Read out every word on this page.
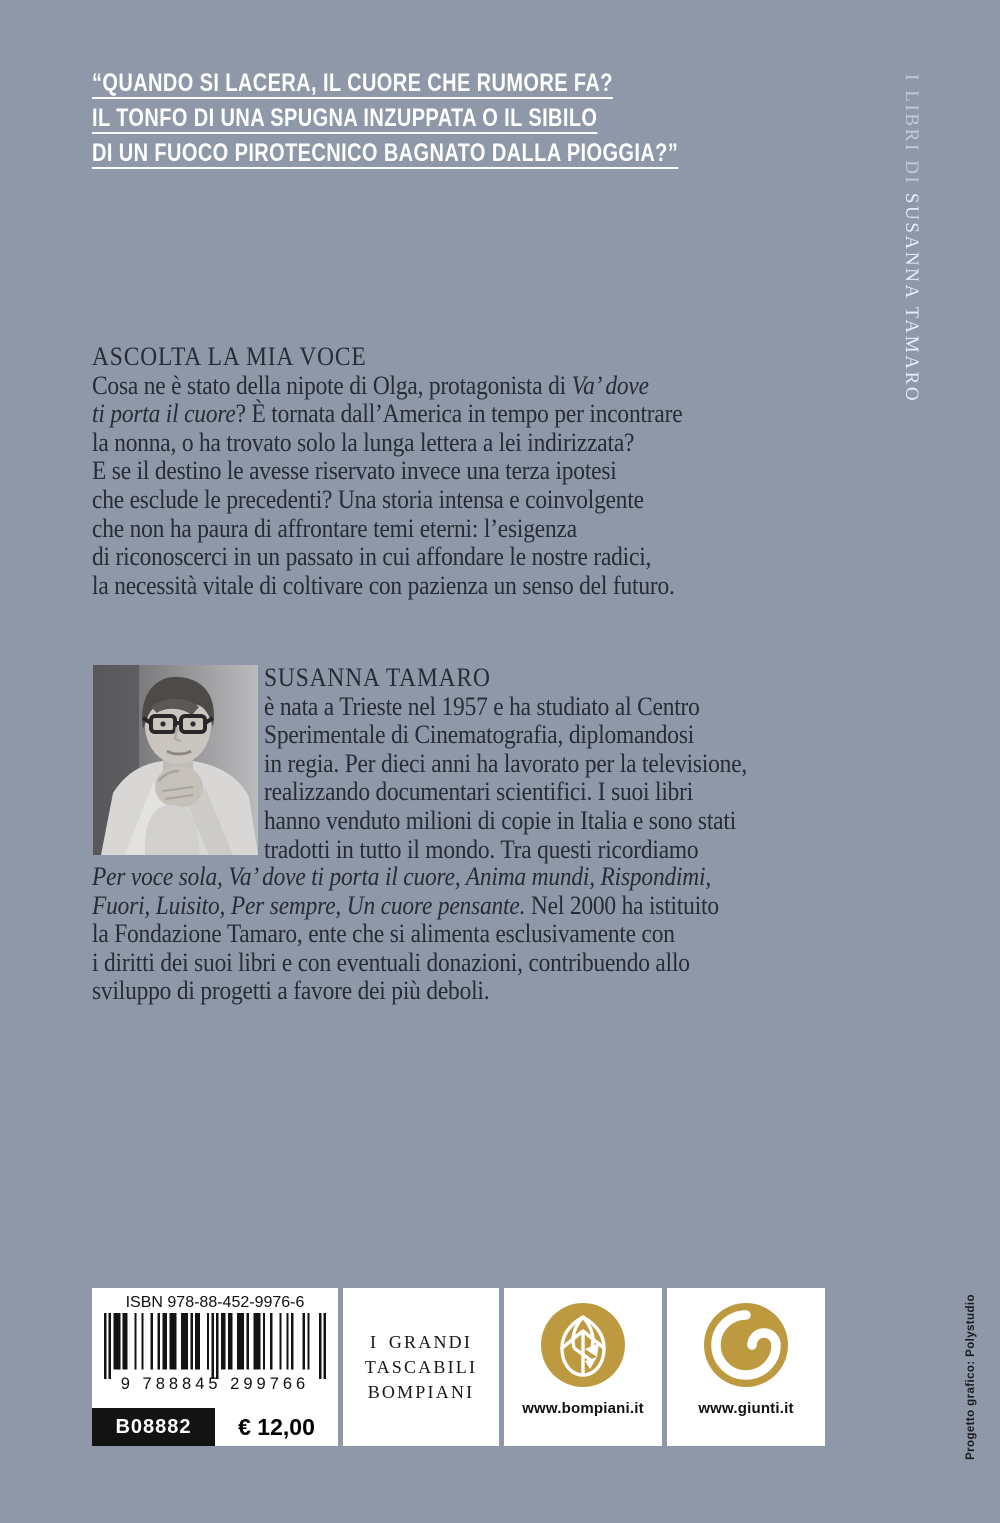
“QUANDO SI LACERA, IL CUORE CHE RUMORE FA?
IL TONFO DI UNA SPUGNA INZUPPATA O IL SIBILO
DI UN FUOCO PIROTECNICO BAGNATO DALLA PIOGGIA?”	I LIBRI DI SUSANNA TAMARO
ASCOLTA LA MIA VOCE
Cosa ne è stato della nipote di Olga, protagonista di Va’ dove
ti porta il cuore? È tornata dall’America in tempo per incontrare
la nonna, o ha trovato solo la lunga lettera a lei indirizzata?
E se il destino le avesse riservato invece una terza ipotesi
che esclude le precedenti? Una storia intensa e coinvolgente
che non ha paura di affrontare temi eterni: l’esigenza
di riconoscerci in un passato in cui affondare le nostre radici,
la necessità vitale di coltivare con pazienza un senso del futuro.
SUSANNA TAMARO
è nata a Trieste nel 1957 e ha studiato al Centro
Sperimentale di Cinematografia, diplomandosi
in regia. Per dieci anni ha lavorato per la televisione,
realizzando documentari scientifici. I suoi libri
hanno venduto milioni di copie in Italia e sono stati
tradotti in tutto il mondo. Tra questi ricordiamo
Per voce sola, Va’ dove ti porta il cuore, Anima mundi, Rispondimi,
Fuori, Luisito, Per sempre, Un cuore pensante. Nel 2000 ha istituito
la Fondazione Tamaro, ente che si alimenta esclusivamente con
i diritti dei suoi libri e con eventuali donazioni, contribuendo allo
sviluppo di progetti a favore dei più deboli.
ISBN 978-88-452-9976-6
9 788845 299766
B08882	€ 12,00
I GRANDI
TASCABILI
BOMPIANI
www.bompiani.it	www.giunti.it	Progetto grafico: Polystudio
